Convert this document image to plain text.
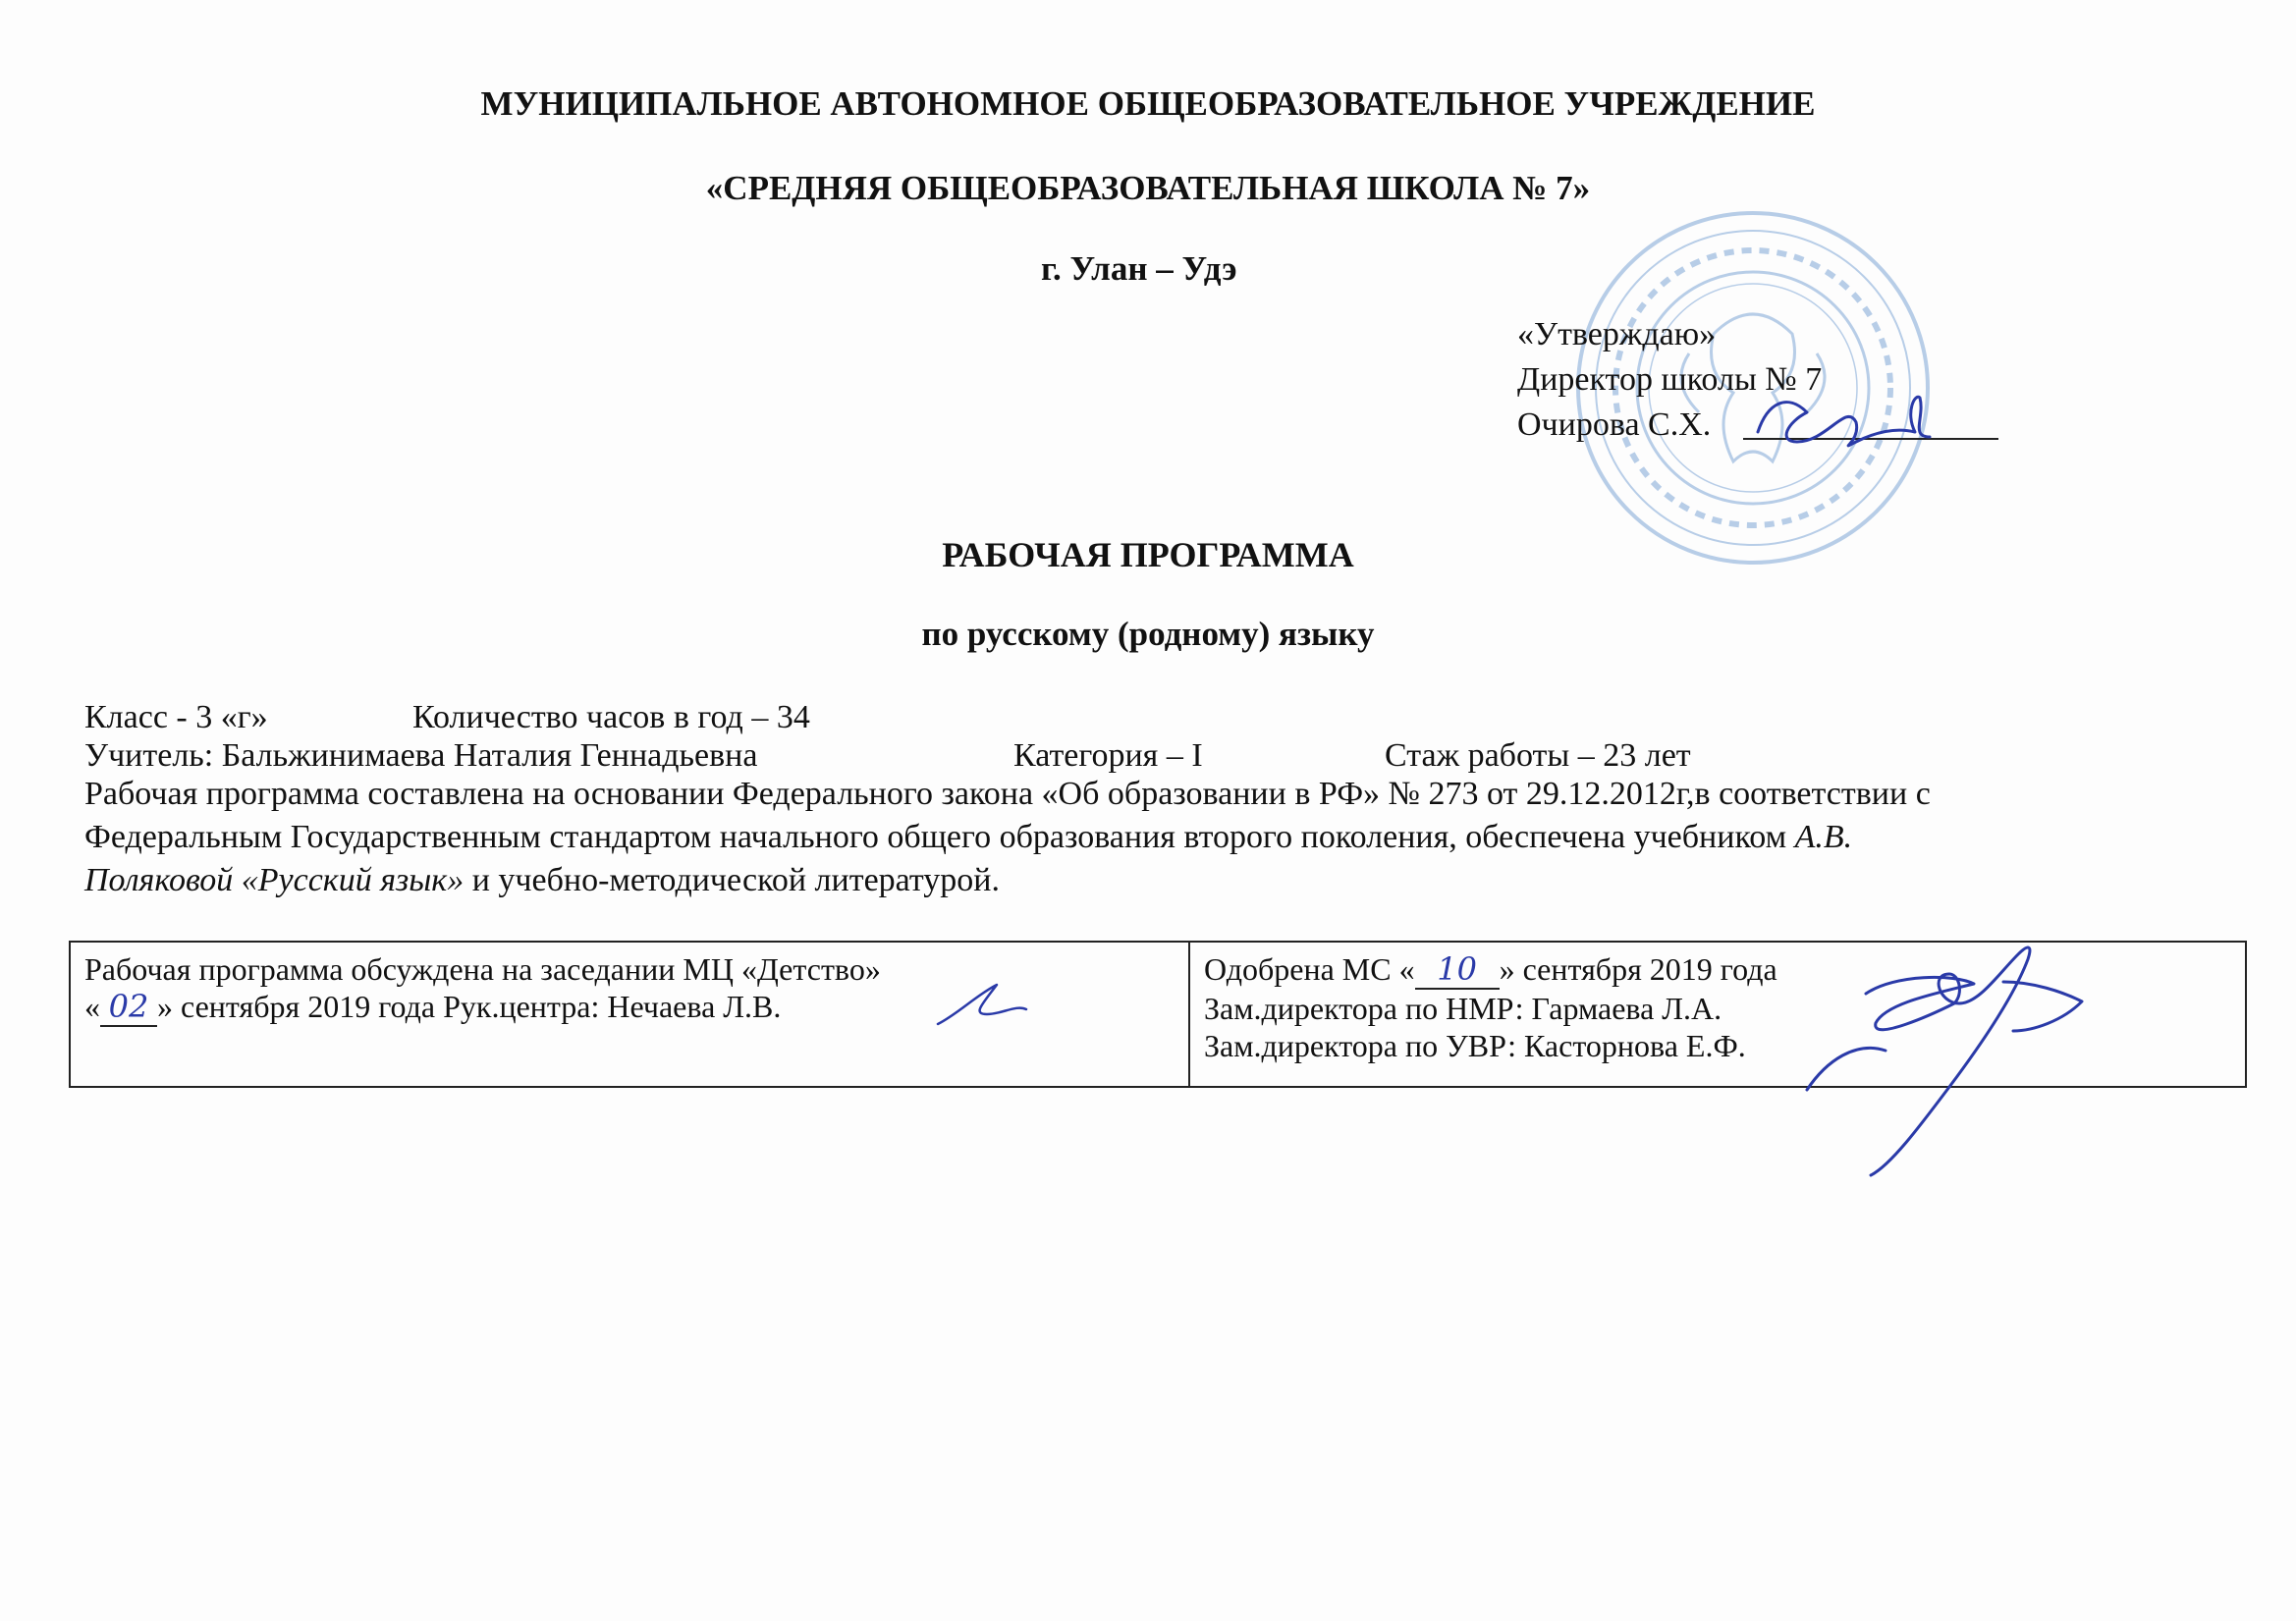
МУНИЦИПАЛЬНОЕ АВТОНОМНОЕ ОБЩЕОБРАЗОВАТЕЛЬНОЕ УЧРЕЖДЕНИЕ
«СРЕДНЯЯ ОБЩЕОБРАЗОВАТЕЛЬНАЯ ШКОЛА № 7»
г. Улан – Удэ
«Утверждаю»
Директор школы № 7
Очирова С.Х.
РАБОЧАЯ ПРОГРАММА
по русскому (родному) языку
Класс - 3 «г»	Количество часов в год – 34
Учитель: Бальжинимаева Наталия Геннадьевна	Категория – I	Стаж работы – 23 лет
Рабочая программа составлена на основании Федерального закона «Об образовании в РФ» № 273 от 29.12.2012г,в соответствии с
Федеральным Государственным стандартом начального общего образования второго поколения, обеспечена учебником А.В.
Поляковой «Русский язык» и учебно-методической литературой.
Рабочая программа обсуждена на заседании МЦ «Детство»
« 02 » сентября 2019 года Рук.центра: Нечаева Л.В.

Одобрена МС « 10 » сентября 2019 года
Зам.директора по НМР: Гармаева Л.А.
Зам.директора по УВР: Касторнова Е.Ф.
